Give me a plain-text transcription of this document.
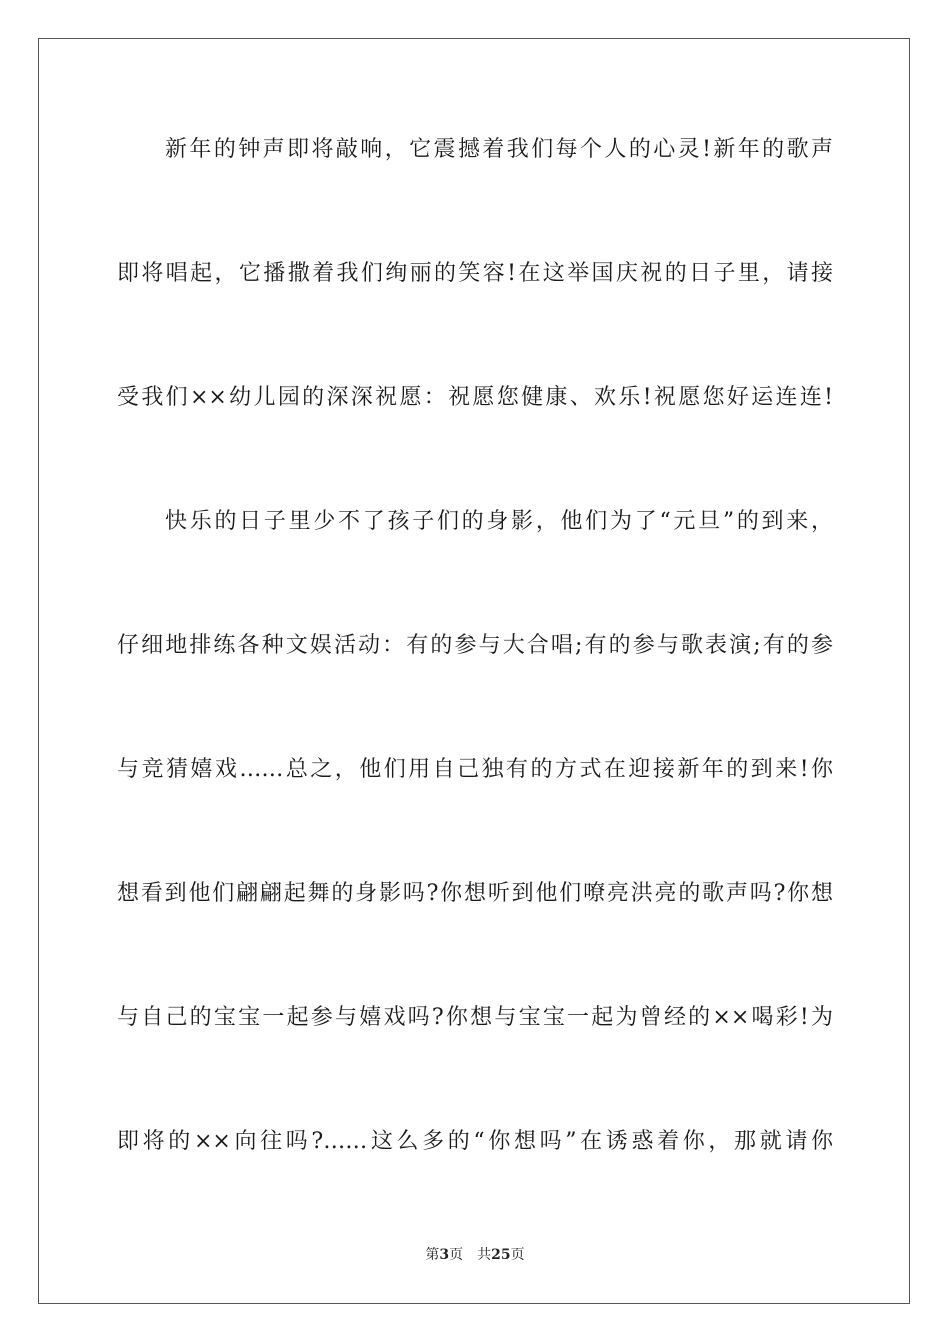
新年的钟声即将敲响，它震撼着我们每个人的心灵!新年的歌声
即将唱起，它播撒着我们绚丽的笑容!在这举国庆祝的日子里，请接
受我们××幼儿园的深深祝愿：祝愿您健康、欢乐!祝愿您好运连连!
快乐的日子里少不了孩子们的身影，他们为了“元旦”的到来，
仔细地排练各种文娱活动：有的参与大合唱;有的参与歌表演;有的参
与竞猜嬉戏……总之，他们用自己独有的方式在迎接新年的到来!你
想看到他们翩翩起舞的身影吗?你想听到他们嘹亮洪亮的歌声吗?你想
与自己的宝宝一起参与嬉戏吗?你想与宝宝一起为曾经的××喝彩!为
即将的××向往吗?……这么多的“你想吗”在诱惑着你，那就请你
第3页 共25页
